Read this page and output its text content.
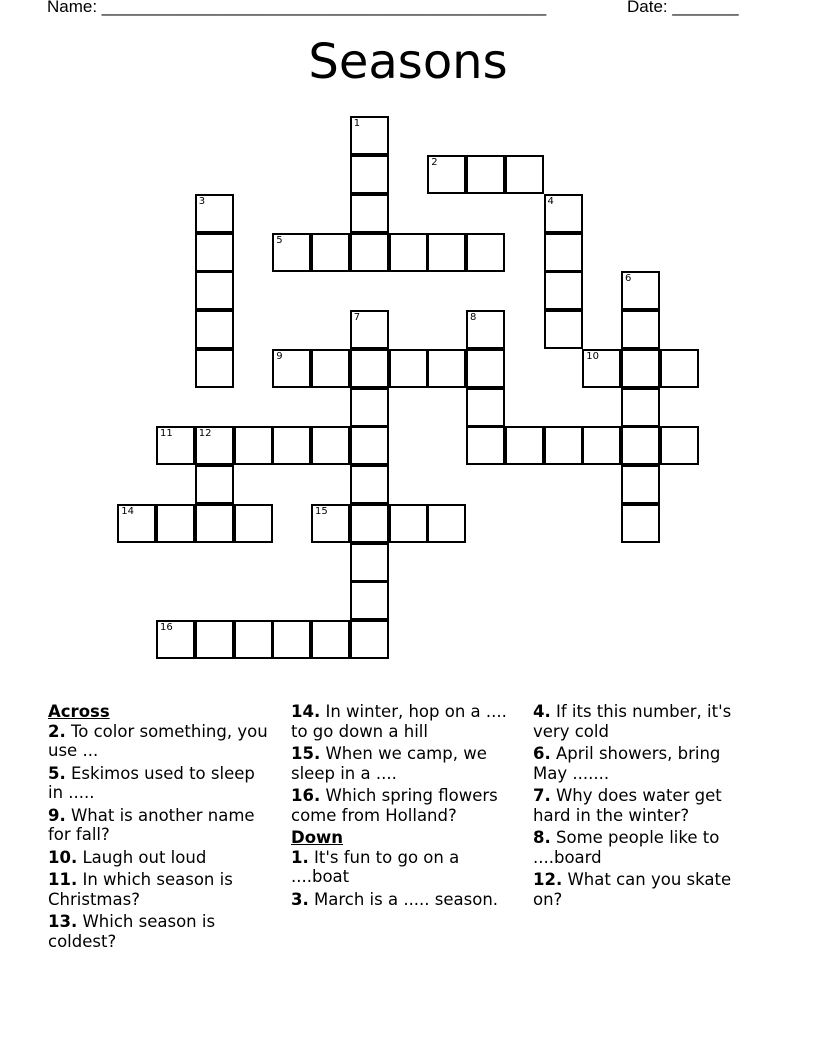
Name: _______________________________________________	Date: _______
Seasons
1
2
3	4
5
6
7	8
9	10
11	12
14	15
16
Across
2. To color something, you use ...
5. Eskimos used to sleep in .....
9. What is another name for fall?
10. Laugh out loud
11. In which season is Christmas?
13. Which season is coldest?
14. In winter, hop on a .... to go down a hill
15. When we camp, we sleep in a ....
16. Which spring flowers come from Holland?
Down
1. It's fun to go on a ....boat
3. March is a ..... season.
4. If its this number, it's very cold
6. April showers, bring May .......
7. Why does water get hard in the winter?
8. Some people like to ....board
12. What can you skate on?
